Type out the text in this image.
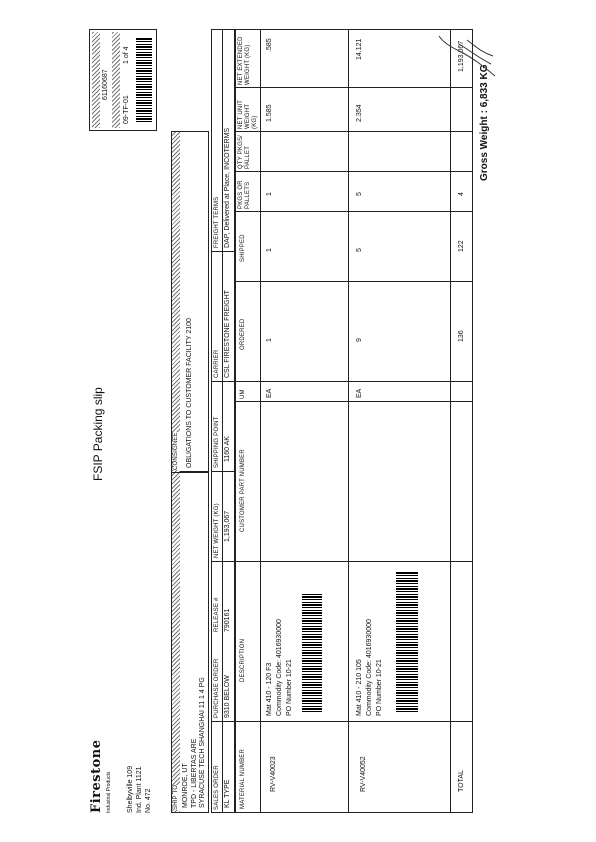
Firestone Industrial Products Shelbyville 109 Ind. Plant 1121 No. 472
FSIP Packing slip
61160687
09-TF-01
1 of 4
SHIP TO MONROE, UT TPD - LIBERTAS ARE SYRACUSE TECH SHANGHAI 11 1 4 PG
CONSIGNEE OBLIGATIONS TO CUSTOMER FACILITY 2100
SALES ORDER
PURCHASE ORDER
RELEASE #
NET WEIGHT (KG)
SHIPPING POINT
CARRIER
FREIGHT TERMS
KL TYPE
9310 BELOW
790161
1,193,067
1160 AK
CSL FIRESTONE FREIGHT
DAP, Delivered at Place, INCOTERMS
MATERIAL NUMBER
DESCRIPTION
CUSTOMER PART NUMBER
UM
ORDERED
SHIPPED
PKGS OR PALLETS
QTY PKGS/ PALLET
NET UNIT WEIGHT (KG)
NET EXTENDED WEIGHT (KG)
RV-V40023
Mat 410 - 120 F3 Commodity Code: 4016930000 PO Number 10-21
EA
1
1
1
1.585
.585
RV-V40052
Mat 410 - 210 105 Commodity Code: 4016930000 PO Number 10-21
EA
9
5
5
2.354
14.121
TOTAL
136
122
4
1,193,067
Gross Weight : 6,833 KG
